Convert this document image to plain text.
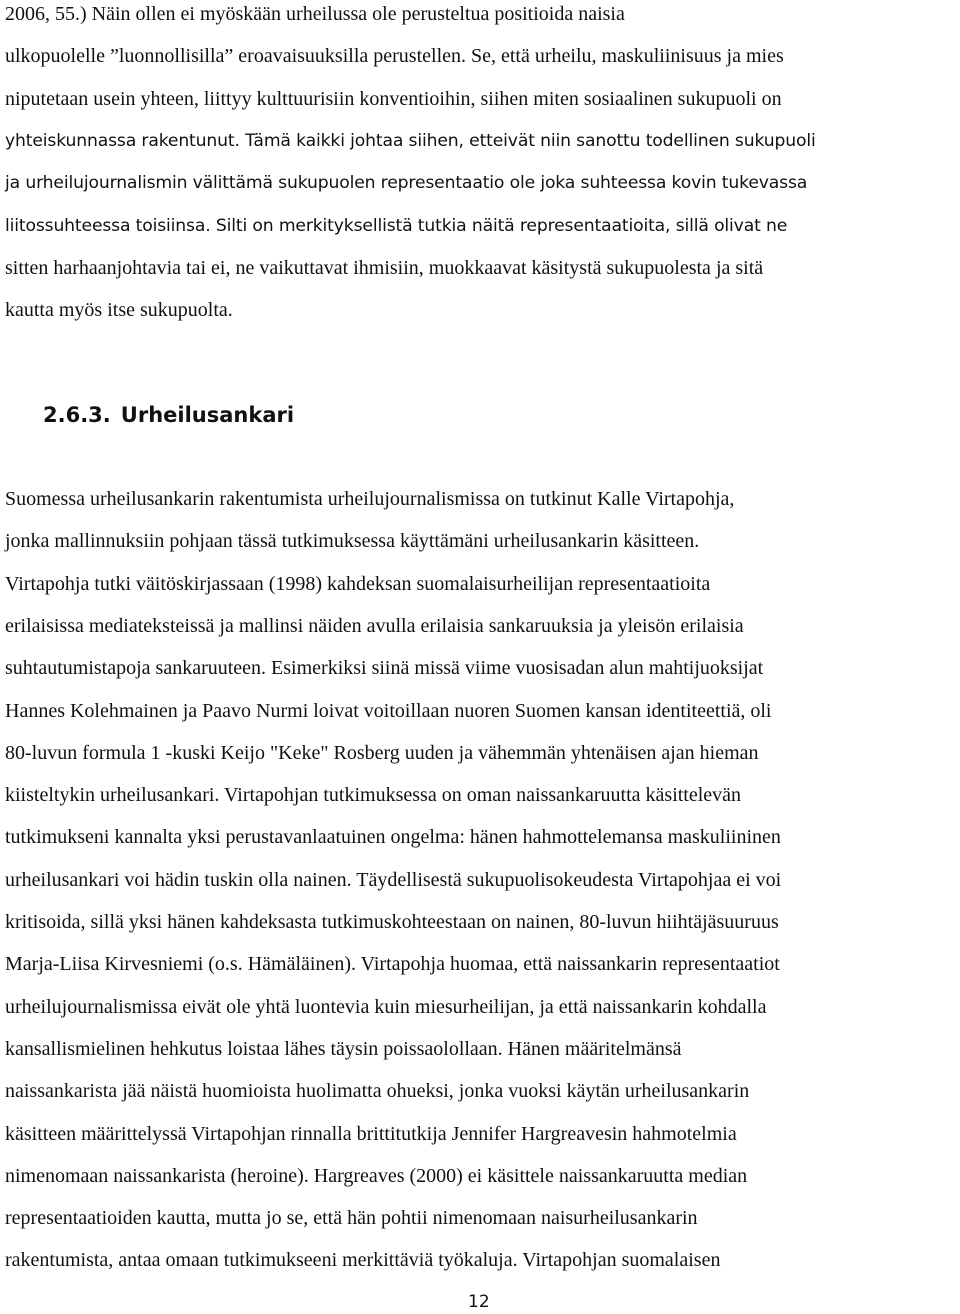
2006, 55.) Näin ollen ei myöskään urheilussa ole perusteltua positioida naisia
ulkopuolelle ”luonnollisilla” eroavaisuuksilla perustellen. Se, että urheilu, maskuliinisuus ja mies
niputetaan usein yhteen, liittyy kulttuurisiin konventioihin, siihen miten sosiaalinen sukupuoli on
yhteiskunnassa rakentunut. Tämä kaikki johtaa siihen, etteivät niin sanottu todellinen sukupuoli
ja urheilujournalismin välittämä sukupuolen representaatio ole joka suhteessa kovin tukevassa
liitossuhteessa toisiinsa. Silti on merkityksellistä tutkia näitä representaatioita, sillä olivat ne
sitten harhaanjohtavia tai ei, ne vaikuttavat ihmisiin, muokkaavat käsitystä sukupuolesta ja sitä
kautta myös itse sukupuolta.
2.6.3. Urheilusankari
Suomessa urheilusankarin rakentumista urheilujournalismissa on tutkinut Kalle Virtapohja,
jonka mallinnuksiin pohjaan tässä tutkimuksessa käyttämäni urheilusankarin käsitteen.
Virtapohja tutki väitöskirjassaan (1998) kahdeksan suomalaisurheilijan representaatioita
erilaisissa mediateksteissä ja mallinsi näiden avulla erilaisia sankaruuksia ja yleisön erilaisia
suhtautumistapoja sankaruuteen. Esimerkiksi siinä missä viime vuosisadan alun mahtijuoksijat
Hannes Kolehmainen ja Paavo Nurmi loivat voitoillaan nuoren Suomen kansan identiteettiä, oli
80-luvun formula 1 -kuski Keijo "Keke" Rosberg uuden ja vähemmän yhtenäisen ajan hieman
kiisteltykin urheilusankari. Virtapohjan tutkimuksessa on oman naissankaruutta käsittelevän
tutkimukseni kannalta yksi perustavanlaatuinen ongelma: hänen hahmottelemansa maskuliininen
urheilusankari voi hädin tuskin olla nainen. Täydellisestä sukupuolisokeudesta Virtapohjaa ei voi
kritisoida, sillä yksi hänen kahdeksasta tutkimuskohteestaan on nainen, 80-luvun hiihtäjäsuuruus
Marja-Liisa Kirvesniemi (o.s. Hämäläinen). Virtapohja huomaa, että naissankarin representaatiot
urheilujournalismissa eivät ole yhtä luontevia kuin miesurheilijan, ja että naissankarin kohdalla
kansallismielinen hehkutus loistaa lähes täysin poissaolollaan. Hänen määritelmänsä
naissankarista jää näistä huomioista huolimatta ohueksi, jonka vuoksi käytän urheilusankarin
käsitteen määrittelyssä Virtapohjan rinnalla brittitutkija Jennifer Hargreavesin hahmotelmia
nimenomaan naissankarista (heroine). Hargreaves (2000) ei käsittele naissankaruutta median
representaatioiden kautta, mutta jo se, että hän pohtii nimenomaan naisurheilusankarin
rakentumista, antaa omaan tutkimukseeni merkittäviä työkaluja. Virtapohjan suomalaisen
12
